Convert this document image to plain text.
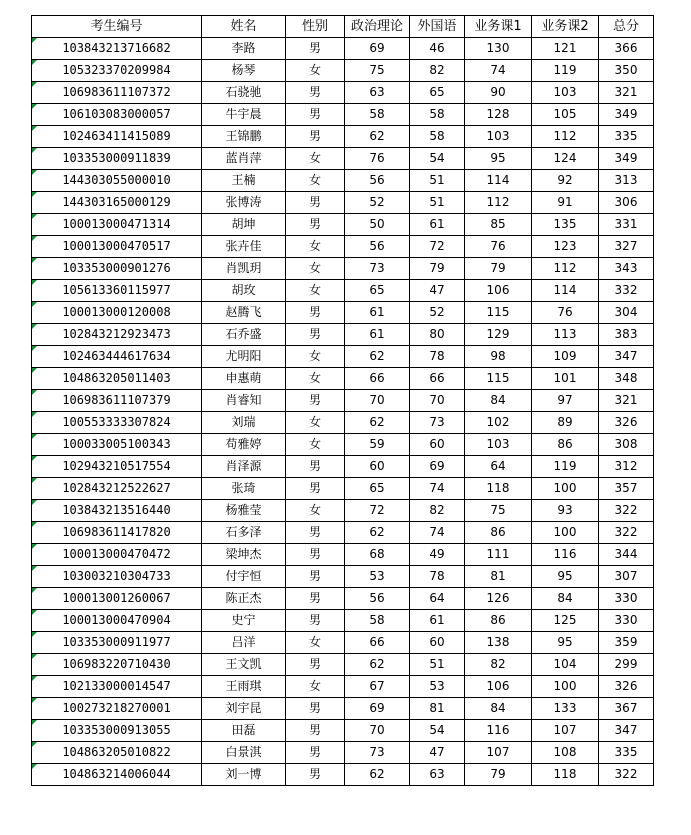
考生编号	姓名	性别	政治理论	外国语	业务课1	业务课2	总分
103843213716682	李路	男	69	46	130	121	366
105323370209984	杨琴	女	75	82	74	119	350
106983611107372	石骁驰	男	63	65	90	103	321
106103083000057	牛宇晨	男	58	58	128	105	349
102463411415089	王锦鹏	男	62	58	103	112	335
103353000911839	蓝肖萍	女	76	54	95	124	349
144303055000010	王楠	女	56	51	114	92	313
144303165000129	张博涛	男	52	51	112	91	306
100013000471314	胡坤	男	50	61	85	135	331
100013000470517	张卉佳	女	56	72	76	123	327
103353000901276	肖凯玥	女	73	79	79	112	343
105613360115977	胡玫	女	65	47	106	114	332
100013000120008	赵腾飞	男	61	52	115	76	304
102843212923473	石乔盛	男	61	80	129	113	383
102463444617634	尤明阳	女	62	78	98	109	347
104863205011403	申惠萌	女	66	66	115	101	348
106983611107379	肖睿知	男	70	70	84	97	321
100553333307824	刘瑞	女	62	73	102	89	326
100033005100343	苟雅婷	女	59	60	103	86	308
102943210517554	肖泽源	男	60	69	64	119	312
102843212522627	张琦	男	65	74	118	100	357
103843213516440	杨雅莹	女	72	82	75	93	322
106983611417820	石多泽	男	62	74	86	100	322
100013000470472	梁坤杰	男	68	49	111	116	344
103003210304733	付宇恒	男	53	78	81	95	307
100013001260067	陈正杰	男	56	64	126	84	330
100013000470904	史宁	男	58	61	86	125	330
103353000911977	吕洋	女	66	60	138	95	359
106983220710430	王文凯	男	62	51	82	104	299
102133000014547	王雨琪	女	67	53	106	100	326
100273218270001	刘宇昆	男	69	81	84	133	367
103353000913055	田磊	男	70	54	116	107	347
104863205010822	白景淇	男	73	47	107	108	335
104863214006044	刘一博	男	62	63	79	118	322
